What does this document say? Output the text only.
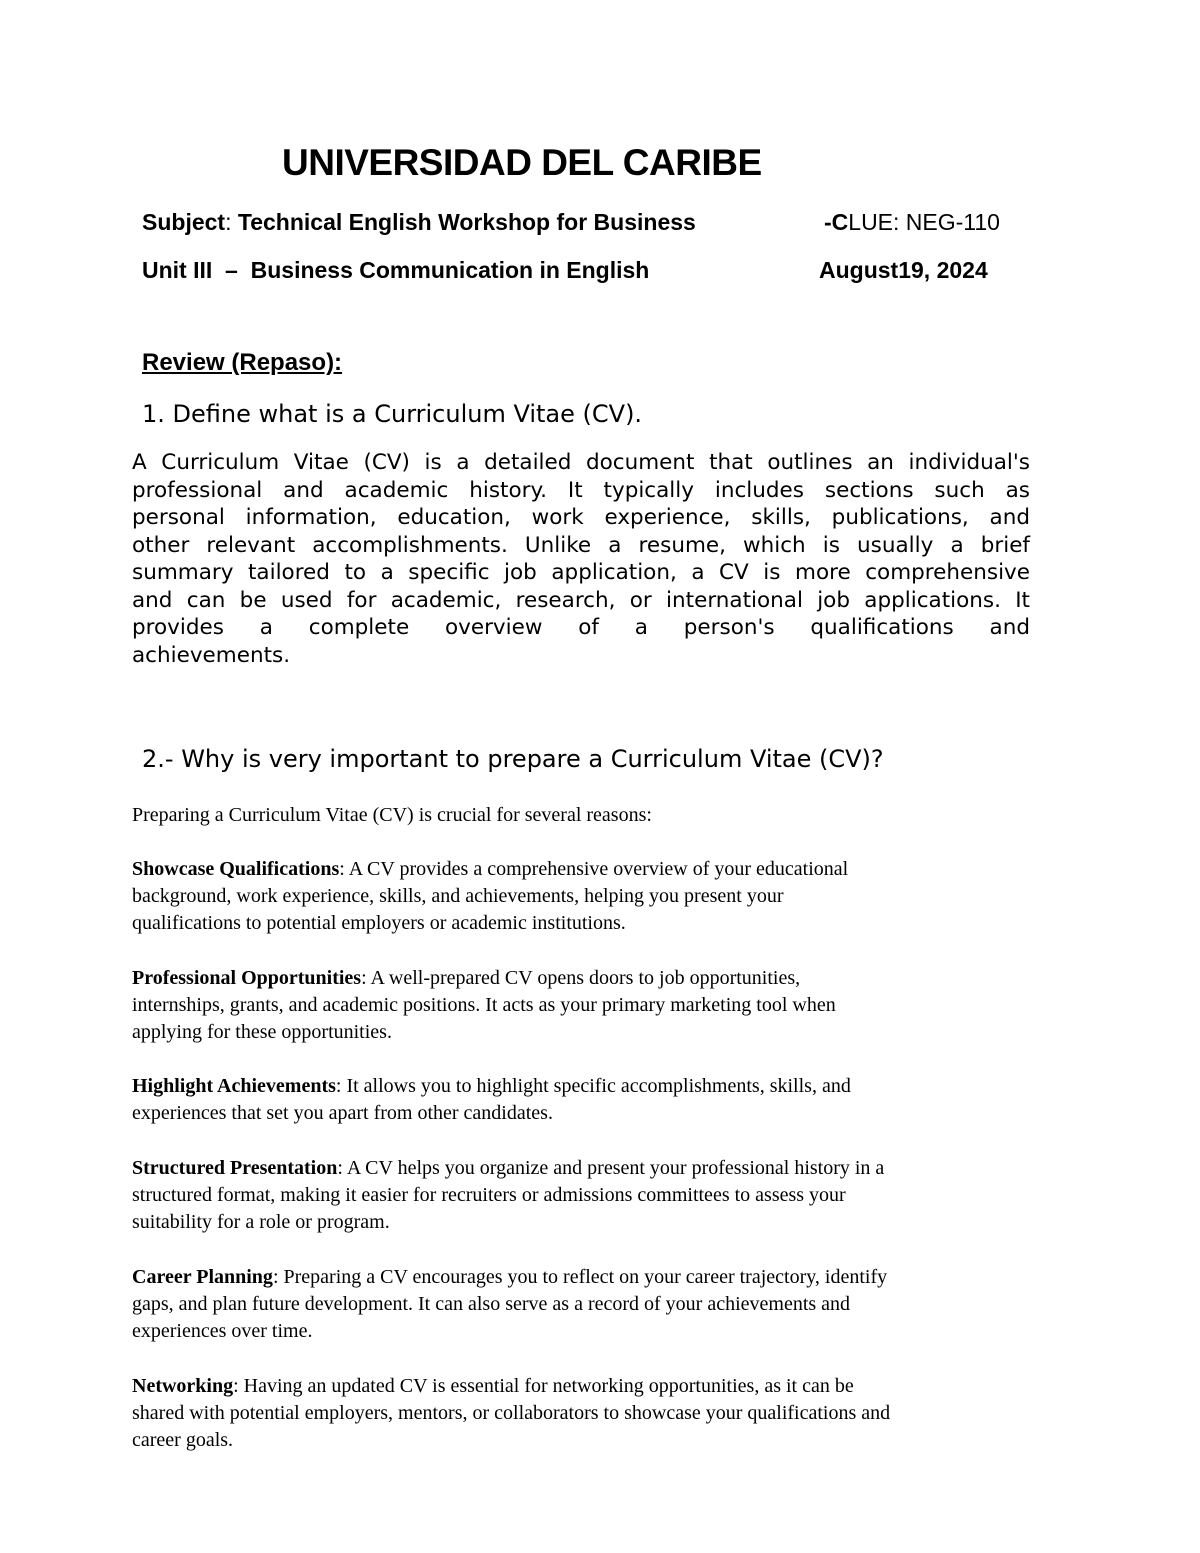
UNIVERSIDAD DEL CARIBE

Subject: Technical English Workshop for Business	-CLUE: NEG-110

Unit III  –  Business Communication in English	August19, 2024

Review (Repaso):

1. Define what is a Curriculum Vitae (CV).

A Curriculum Vitae (CV) is a detailed document that outlines an individual's
professional and academic history. It typically includes sections such as
personal information, education, work experience, skills, publications, and
other relevant accomplishments. Unlike a resume, which is usually a brief
summary tailored to a specific job application, a CV is more comprehensive
and can be used for academic, research, or international job applications. It
provides a complete overview of a person's qualifications and
achievements.

2.- Why is very important to prepare a Curriculum Vitae (CV)?

Preparing a Curriculum Vitae (CV) is crucial for several reasons:

Showcase Qualifications: A CV provides a comprehensive overview of your educational
background, work experience, skills, and achievements, helping you present your
qualifications to potential employers or academic institutions.
Professional Opportunities: A well-prepared CV opens doors to job opportunities,
internships, grants, and academic positions. It acts as your primary marketing tool when
applying for these opportunities.
Highlight Achievements: It allows you to highlight specific accomplishments, skills, and
experiences that set you apart from other candidates.
Structured Presentation: A CV helps you organize and present your professional history in a
structured format, making it easier for recruiters or admissions committees to assess your
suitability for a role or program.
Career Planning: Preparing a CV encourages you to reflect on your career trajectory, identify
gaps, and plan future development. It can also serve as a record of your achievements and
experiences over time.
Networking: Having an updated CV is essential for networking opportunities, as it can be
shared with potential employers, mentors, or collaborators to showcase your qualifications and
career goals.
